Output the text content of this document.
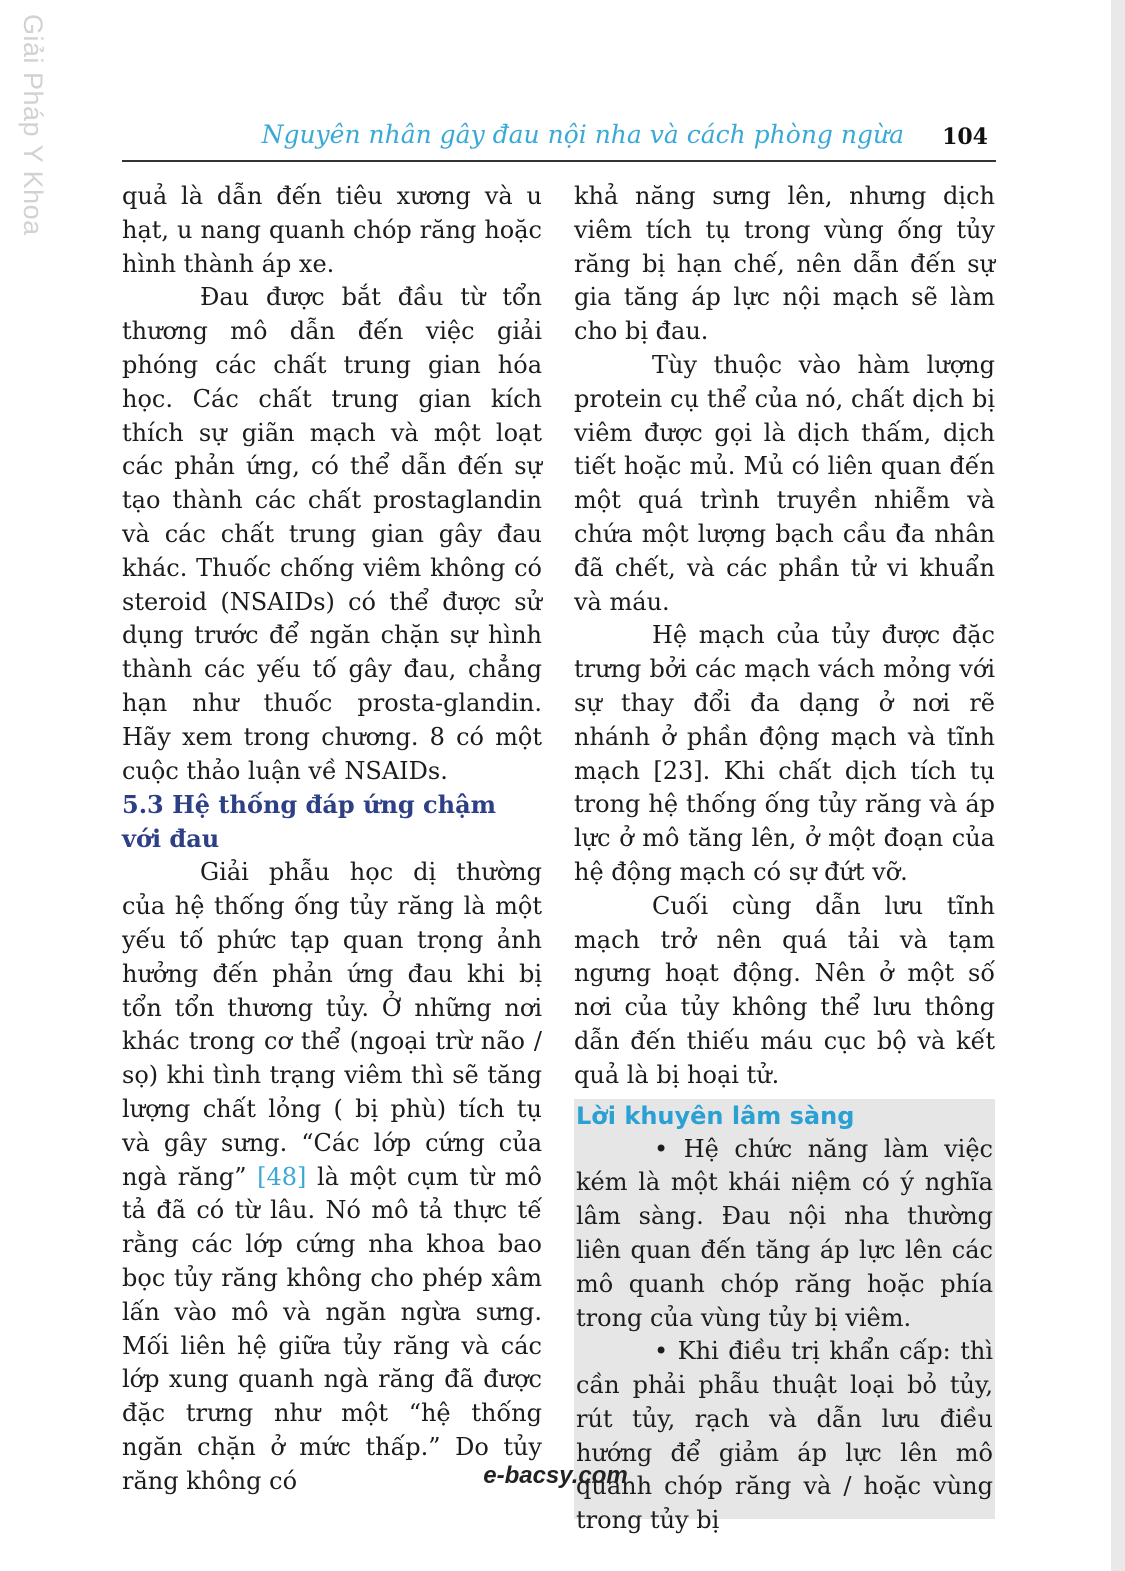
Giải Pháp Y Khoa	Nguyên nhân gây đau nội nha và cách phòng ngừa 104

quả là dẫn đến tiêu xương và u hạt, u nang quanh chóp răng hoặc hình thành áp xe.

Đau được bắt đầu từ tổn thương mô dẫn đến việc giải phóng các chất trung gian hóa học. Các chất trung gian kích thích sự giãn mạch và một loạt các phản ứng, có thể dẫn đến sự tạo thành các chất prostaglandin và các chất trung gian gây đau khác. Thuốc chống viêm không có steroid (NSAIDs) có thể được sử dụng trước để ngăn chặn sự hình thành các yếu tố gây đau, chẳng hạn như thuốc prosta-glandin. Hãy xem trong chương. 8 có một cuộc thảo luận về NSAIDs.

5.3 Hệ thống đáp ứng chậm với đau

Giải phẫu học dị thường của hệ thống ống tủy răng là một yếu tố phức tạp quan trọng ảnh hưởng đến phản ứng đau khi bị tổn tổn thương tủy. Ở những nơi khác trong cơ thể (ngoại trừ não / sọ) khi tình trạng viêm thì sẽ tăng lượng chất lỏng ( bị phù) tích tụ và gây sưng. “Các lớp cứng của ngà răng” [48] là một cụm từ mô tả đã có từ lâu. Nó mô tả thực tế rằng các lớp cứng nha khoa bao bọc tủy răng không cho phép xâm lấn vào mô và ngăn ngừa sưng. Mối liên hệ giữa tủy răng và các lớp xung quanh ngà răng đã được đặc trưng như một “hệ thống ngăn chặn ở mức thấp.” Do tủy răng không có

khả năng sưng lên, nhưng dịch viêm tích tụ trong vùng ống tủy răng bị hạn chế, nên dẫn đến sự gia tăng áp lực nội mạch sẽ làm cho bị đau.

Tùy thuộc vào hàm lượng protein cụ thể của nó, chất dịch bị viêm được gọi là dịch thấm, dịch tiết hoặc mủ. Mủ có liên quan đến một quá trình truyền nhiễm và chứa một lượng bạch cầu đa nhân đã chết, và các phần tử vi khuẩn và máu.

Hệ mạch của tủy được đặc trưng bởi các mạch vách mỏng với sự thay đổi đa dạng ở nơi rẽ nhánh ở phần động mạch và tĩnh mạch [23]. Khi chất dịch tích tụ trong hệ thống ống tủy răng và áp lực ở mô tăng lên, ở một đoạn của hệ động mạch có sự đứt vỡ.

Cuối cùng dẫn lưu tĩnh mạch trở nên quá tải và tạm ngưng hoạt động. Nên ở một số nơi của tủy không thể lưu thông dẫn đến thiếu máu cục bộ và kết quả là bị hoại tử.

Lời khuyên lâm sàng

• Hệ chức năng làm việc kém là một khái niệm có ý nghĩa lâm sàng. Đau nội nha thường liên quan đến tăng áp lực lên các mô quanh chóp răng hoặc phía trong của vùng tủy bị viêm.

• Khi điều trị khẩn cấp: thì cần phải phẫu thuật loại bỏ tủy, rút tủy, rạch và dẫn lưu điều hướng để giảm áp lực lên mô quanh chóp răng và / hoặc vùng trong tủy bị

e-bacsy.com
